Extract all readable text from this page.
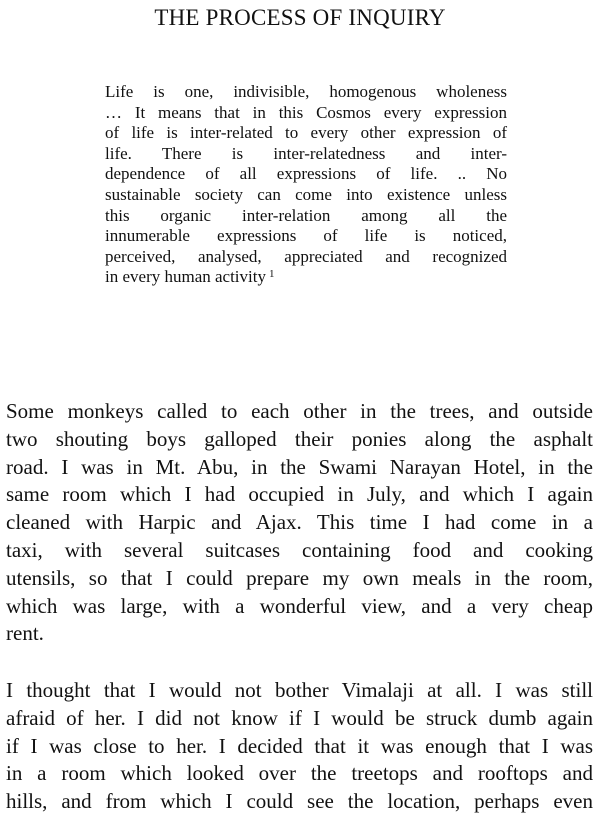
THE PROCESS OF INQUIRY
Life is one, indivisible, homogenous wholeness
… It means that in this Cosmos every expression
of life is inter-related to every other expression of
life. There is inter-relatedness and inter-
dependence of all expressions of life. .. No
sustainable society can come into existence unless
this organic inter-relation among all the
innumerable expressions of life is noticed,
perceived, analysed, appreciated and recognized
in every human activity $^1$
Some monkeys called to each other in the trees, and outside
two shouting boys galloped their ponies along the asphalt
road. I was in Mt. Abu, in the Swami Narayan Hotel, in the
same room which I had occupied in July, and which I again
cleaned with Harpic and Ajax. This time I had come in a
taxi, with several suitcases containing food and cooking
utensils, so that I could prepare my own meals in the room,
which was large, with a wonderful view, and a very cheap
rent.
I thought that I would not bother Vimalaji at all. I was still
afraid of her. I did not know if I would be struck dumb again
if I was close to her. I decided that it was enough that I was
in a room which looked over the treetops and rooftops and
hills, and from which I could see the location, perhaps even
